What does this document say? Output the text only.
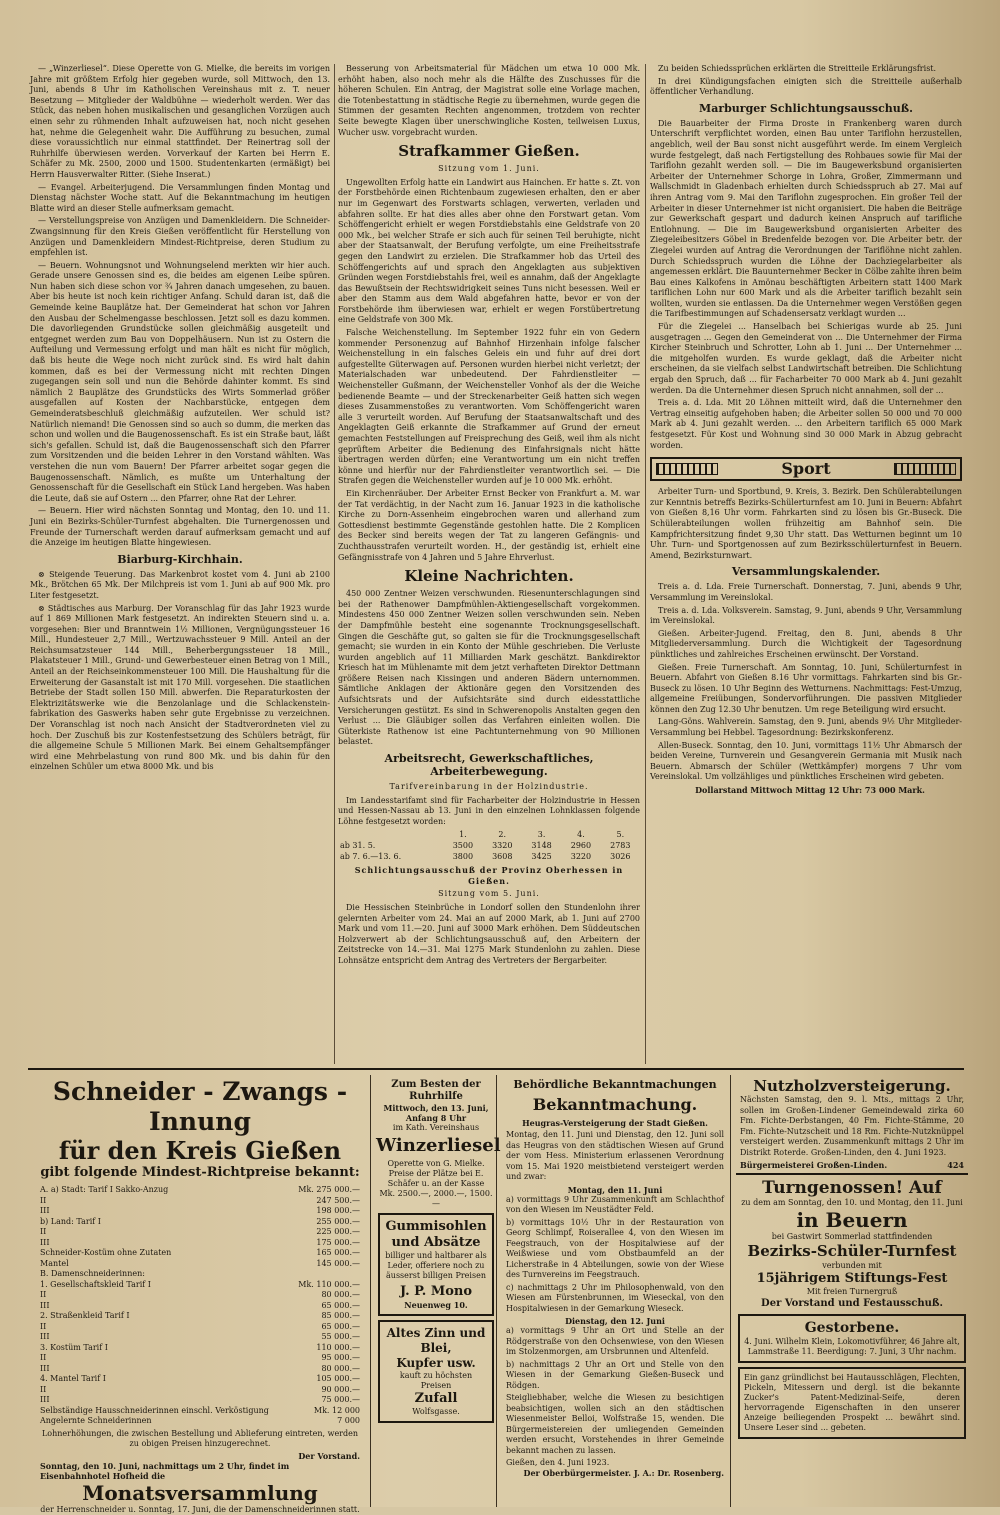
— „Winzerliesel“. Diese Operette von G. Mielke, die bereits im vorigen Jahre mit größtem Erfolg hier gegeben wurde, soll Mittwoch, den 13. Juni, abends 8 Uhr im Katholischen Vereinshaus mit z. T. neuer Besetzung — Mitglieder der Waldbühne — wiederholt werden. Wer das Stück, das neben hohen musikalischen und gesanglichen Vorzügen auch einen sehr zu rühmenden Inhalt aufzuweisen hat, noch nicht gesehen hat, nehme die Gelegenheit wahr. Die Aufführung zu besuchen, zumal diese voraussichtlich nur einmal stattfindet. Der Reinertrag soll der Ruhrhilfe überwiesen werden. Vorverkauf der Karten bei Herrn E. Schäfer zu Mk. 2500, 2000 und 1500. Studentenkarten (ermäßigt) bei Herrn Hausverwalter Ritter. (Siehe Inserat.)

— Evangel. Arbeiterjugend. Die Versammlungen finden Montag und Dienstag nächster Woche statt. Auf die Bekanntmachung im heutigen Blatte wird an dieser Stelle aufmerksam gemacht.

— Verstellungspreise von Anzügen und Damenkleidern. Die Schneider-Zwangsinnung für den Kreis Gießen veröffentlicht für Herstellung von Anzügen und Damenkleidern Mindest-Richtpreise, deren Studium zu empfehlen ist.

— Beuern. Wohnungsnot und Wohnungselend merkten wir hier auch. Gerade unsere Genossen sind es, die beides am eigenen Leibe spüren. Nun haben sich diese schon vor ¾ Jahren danach umgesehen, zu bauen. Aber bis heute ist noch kein richtiger Anfang. Schuld daran ist, daß die Gemeinde keine Bauplätze hat. Der Gemeinderat hat schon vor Jahren den Ausbau der Schelmengasse beschlossen. Jetzt soll es dazu kommen. Die davorliegenden Grundstücke sollen gleichmäßig ausgeteilt und entgegnet werden zum Bau von Doppelhäusern. Nun ist zu Ostern die Aufteilung und Vermessung erfolgt und man hält es nicht für möglich, daß bis heute die Wege noch nicht zurück sind. Es wird halt dahin kommen, daß es bei der Vermessung nicht mit rechten Dingen zugegangen sein soll und nun die Behörde dahinter kommt. Es sind nämlich 2 Bauplätze des Grundstücks des Wirts Sommerlad größer ausgefallen auf Kosten der Nachbarstücke, entgegen dem Gemeinderatsbeschluß gleichmäßig aufzuteilen. Wer schuld ist? Natürlich niemand! Die Genossen sind so auch so dumm, die merken das schon und wollen und die Baugenossenschaft. Es ist ein Straße baut, läßt sich's gefallen. Schuld ist, daß die Baugenossenschaft sich den Pfarrer zum Vorsitzenden und die beiden Lehrer in den Vorstand wählten. Was verstehen die nun vom Bauern! Der Pfarrer arbeitet sogar gegen die Baugenossenschaft. Nämlich, es mußte um Unterhaltung der Genossenschaft für die Gesellschaft ein Stück Land hergeben. Was haben die Leute, daß sie auf Ostern ... den Pfarrer, ohne Rat der Lehrer.

— Beuern. Hier wird nächsten Sonntag und Montag, den 10. und 11. Juni ein Bezirks-Schüler-Turnfest abgehalten. Die Turnergenossen und Freunde der Turnerschaft werden darauf aufmerksam gemacht und auf die Anzeige im heutigen Blatte hingewiesen.

Biarburg-Kirchhain.

⊗ Steigende Teuerung. Das Markenbrot kostet vom 4. Juni ab 2100 Mk., Brötchen 65 Mk. Der Milchpreis ist vom 1. Juni ab auf 900 Mk. pro Liter festgesetzt.

⊗ Städtisches aus Marburg. Der Voranschlag für das Jahr 1923 wurde auf 1 869 Millionen Mark festgesetzt. An indirekten Steuern sind u. a. vorgesehen: Bier und Branntwein 1½ Millionen, Vergnügungssteuer 16 Mill., Hundesteuer 2,7 Mill., Wertzuwachssteuer 9 Mill. Anteil an der Reichsumsatzsteuer 144 Mill., Beherbergungssteuer 18 Mill., Plakatsteuer 1 Mill., Grund- und Gewerbesteuer einen Betrag von 1 Mill., Anteil an der Reichseinkommensteuer 100 Mill. Die Haushaltung für die Erweiterung der Gasanstalt ist mit 170 Mill. vorgesehen. Die staatlichen Betriebe der Stadt sollen 150 Mill. abwerfen. Die Reparaturkosten der Elektrizitätswerke wie die Benzolanlage und die Schlackenstein-fabrikation des Gaswerks haben sehr gute Ergebnisse zu verzeichnen. Der Voranschlag ist noch nach Ansicht der Stadtverordneten viel zu hoch. Der Zuschuß bis zur Kostenfestsetzung des Schülers beträgt, für die allgemeine Schule 5 Millionen Mark. Bei einem Gehaltsempfänger wird eine Mehrbelastung von rund 800 Mk. und bis dahin für den einzelnen Schüler um etwa 8000 Mk. und bis

Besserung von Arbeitsmaterial für Mädchen um etwa 10 000 Mk. erhöht haben, also noch mehr als die Hälfte des Zuschusses für die höheren Schulen. Ein Antrag, der Magistrat solle eine Vorlage machen, die Totenbestattung in städtische Regie zu übernehmen, wurde gegen die Stimmen der gesamten Rechten angenommen, trotzdem von rechter Seite bewegte Klagen über unerschwingliche Kosten, teilweisen Luxus, Wucher usw. vorgebracht wurden.

Strafkammer Gießen.
Sitzung vom 1. Juni.

Ungewollten Erfolg hatte ein Landwirt aus Hainchen. Er hatte s. Zt. von der Forstbehörde einen Richtenbaum zugewiesen erhalten, den er aber nur im Gegenwart des Forstwarts schlagen, verwerten, verladen und abfahren sollte. Er hat dies alles aber ohne den Forstwart getan. Vom Schöffengericht erhielt er wegen Forstdiebstahls eine Geldstrafe von 20 000 Mk., bei welcher Strafe er sich auch für seinen Teil beruhigte, nicht aber der Staatsanwalt, der Berufung verfolgte, um eine Freiheitsstrafe gegen den Landwirt zu erzielen. Die Strafkammer hob das Urteil des Schöffengerichts auf und sprach den Angeklagten aus subjektiven Gründen wegen Forstdiebstahls frei, weil es annahm, daß der Angeklagte das Bewußtsein der Rechtswidrigkeit seines Tuns nicht besessen. Weil er aber den Stamm aus dem Wald abgefahren hatte, bevor er von der Forstbehörde ihm überwiesen war, erhielt er wegen Forstübertretung eine Geldstrafe von 300 Mk.

Falsche Weichenstellung. Im September 1922 fuhr ein von Gedern kommender Personenzug auf Bahnhof Hirzenhain infolge falscher Weichenstellung in ein falsches Geleis ein und fuhr auf drei dort aufgestellte Güterwagen auf. Personen wurden hierbei nicht verletzt; der Materialschaden war unbedeutend. Der Fahrdienstleiter — Weichensteller Gußmann, der Weichensteller Vonhof als der die Weiche bedienende Beamte — und der Streckenarbeiter Geiß hatten sich wegen dieses Zusammenstoßes zu verantworten. Vom Schöffengericht waren alle 3 verurteilt worden. Auf Berufung der Staatsanwaltschaft und des Angeklagten Geiß erkannte die Strafkammer auf Grund der erneut gemachten Feststellungen auf Freisprechung des Geiß, weil ihm als nicht geprüftem Arbeiter die Bedienung des Einfahrsignals nicht hätte übertragen werden dürfen; eine Verantwortung um ein nicht treffen könne und hierfür nur der Fahrdienstleiter verantwortlich sei. — Die Strafen gegen die Weichensteller wurden auf je 10 000 Mk. erhöht.

Ein Kirchenräuber. Der Arbeiter Ernst Becker von Frankfurt a. M. war der Tat verdächtig, in der Nacht zum 16. Januar 1923 in die katholische Kirche zu Dorn-Assenheim eingebrochen waren und allerhand zum Gottesdienst bestimmte Gegenstände gestohlen hatte. Die 2 Komplicen des Becker sind bereits wegen der Tat zu langeren Gefängnis- und Zuchthausstrafen verurteilt worden. H., der geständig ist, erhielt eine Gefängnisstrafe von 4 Jahren und 5 Jahre Ehrverlust.

Kleine Nachrichten.

450 000 Zentner Weizen verschwunden. Riesenunterschlagungen sind bei der Rathenower Dampfmühlen-Aktiengesellschaft vorgekommen. Mindestens 450 000 Zentner Weizen sollen verschwunden sein. Neben der Dampfmühle besteht eine sogenannte Trocknungsgesellschaft. Gingen die Geschäfte gut, so galten sie für die Trocknungsgesellschaft gemacht; sie wurden in ein Konto der Mühle geschrieben. Die Verluste wurden angeblich auf 11 Milliarden Mark geschätzt. Bankdirektor Kriesch hat im Mühlenamte mit dem jetzt verhafteten Direktor Dettmann größere Reisen nach Kissingen und anderen Bädern unternommen. Sämtliche Anklagen der Aktionäre gegen den Vorsitzenden des Aufsichtsrats und der Aufsichtsräte sind durch eidesstattliche Versicherungen gestützt. Es sind in Schwerenopolis Anstalten gegen den Verlust ... Die Gläubiger sollen das Verfahren einleiten wollen. Die Güterkiste Rathenow ist eine Pachtunternehmung von 90 Millionen belastet.

Arbeitsrecht, Gewerkschaftliches, Arbeiterbewegung.
Tarifvereinbarung in der Holzindustrie.

Im Landesstarifamt sind für Facharbeiter der Holzindustrie in Hessen und Hessen-Nassau ab 13. Juni in den einzelnen Lohnklassen folgende Löhne festgesetzt worden:

	1.	2.	3.	4.	5.
ab 31. 5.	3500	3320	3148	2960	2783
ab 7. 6.—13. 6.	3800	3608	3425	3220	3026
Schlichtungsausschuß der Provinz Oberhessen in Gießen.
Sitzung vom 5. Juni.

Die Hessischen Steinbrüche in Londorf sollen den Stundenlohn ihrer gelernten Arbeiter vom 24. Mai an auf 2000 Mark, ab 1. Juni auf 2700 Mark und vom 11.—20. Juni auf 3000 Mark erhöhen. Dem Süddeutschen Holzverwert ab der Schlichtungsausschuß auf, den Arbeitern der Zeitstrecke von 14.—31. Mai 1275 Mark Stundenlohn zu zahlen. Diese Lohnsätze entspricht dem Antrag des Vertreters der Bergarbeiter.

Zu beiden Schiedssprüchen erklärten die Streitteile Erklärungsfrist.

In drei Kündigungsfachen einigten sich die Streitteile außerhalb öffentlicher Verhandlung.

Marburger Schlichtungsausschuß.

Die Bauarbeiter der Firma Droste in Frankenberg waren durch Unterschrift verpflichtet worden, einen Bau unter Tariflohn herzustellen, angeblich, weil der Bau sonst nicht ausgeführt werde. Im einem Vergleich wurde festgelegt, daß nach Fertigstellung des Rohbaues sowie für Mai der Tariflohn gezahlt werden soll. — Die im Baugewerksbund organisierten Arbeiter der Unternehmer Schorge in Lohra, Großer, Zimmermann und Wallschmidt in Gladenbach erhielten durch Schiedsspruch ab 27. Mai auf ihren Antrag vom 9. Mai den Tariflohn zugesprochen. Ein großer Teil der Arbeiter in dieser Unternehmer ist nicht organisiert. Die haben die Beiträge zur Gewerkschaft gespart und dadurch keinen Anspruch auf tarifliche Entlohnung. — Die im Baugewerksbund organisierten Arbeiter des Ziegeleibesitzers Göbel in Bredenfelde bezogen vor. Die Arbeiter betr. der Ziegelei wurden auf Antrag die Verordnungen der Tariflöhne nicht zahlen. Durch Schiedsspruch wurden die Löhne der Dachziegelarbeiter als angemessen erklärt. Die Bauunternehmer Becker in Cölbe zahlte ihren beim Bau eines Kalkofens in Amönau beschäftigten Arbeitern statt 1400 Mark tariflichen Lohn nur 600 Mark und als die Arbeiter tariflich bezahlt sein wollten, wurden sie entlassen. Da die Unternehmer wegen Verstößen gegen die Tarifbestimmungen auf Schadensersatz verklagt wurden ...

Für die Ziegelei ... Hanselbach bei Schierigas wurde ab 25. Juni ausgetragen ... Gegen den Gemeinderat von ... Die Unternehmer der Firma Kircher Steinbruch und Schrotter, Lohn ab 1. Juni ... Der Unternehmer ... die mitgeholfen wurden. Es wurde geklagt, daß die Arbeiter nicht erscheinen, da sie vielfach selbst Landwirtschaft betreiben. Die Schlichtung ergab den Spruch, daß ... für Facharbeiter 70 000 Mark ab 4. Juni gezahlt werden. Da die Unternehmer diesen Spruch nicht annahmen, soll der ...

Treis a. d. Lda. Mit 20 Löhnen mitteilt wird, daß die Unternehmer den Vertrag einseitig aufgehoben haben; die Arbeiter sollen 50 000 und 70 000 Mark ab 4. Juni gezahlt werden. ... den Arbeitern tariflich 65 000 Mark festgesetzt. Für Kost und Wohnung sind 30 000 Mark in Abzug gebracht worden.

Sport

Arbeiter Turn- und Sportbund, 9. Kreis, 3. Bezirk. Den Schülerabteilungen zur Kenntnis betreffs Bezirks-Schülerturnfest am 10. Juni in Beuern: Abfahrt von Gießen 8,16 Uhr vorm. Fahrkarten sind zu lösen bis Gr.-Buseck. Die Schülerabteilungen wollen frühzeitig am Bahnhof sein. Die Kampfrichtersitzung findet 9,30 Uhr statt. Das Wetturnen beginnt um 10 Uhr. Turn- und Sportgenossen auf zum Bezirksschülerturnfest in Beuern. Amend, Bezirksturnwart.

Versammlungskalender.

Treis a. d. Lda. Freie Turnerschaft. Donnerstag, 7. Juni, abends 9 Uhr, Versammlung im Vereinslokal.

Treis a. d. Lda. Volksverein. Samstag, 9. Juni, abends 9 Uhr, Versammlung im Vereinslokal.

Gießen. Arbeiter-Jugend. Freitag, den 8. Juni, abends 8 Uhr Mitgliederversammlung. Durch die Wichtigkeit der Tagesordnung pünktliches und zahlreiches Erscheinen erwünscht. Der Vorstand.

Gießen. Freie Turnerschaft. Am Sonntag, 10. Juni, Schülerturnfest in Beuern. Abfahrt von Gießen 8.16 Uhr vormittags. Fahrkarten sind bis Gr.-Buseck zu lösen. 10 Uhr Beginn des Wetturnens. Nachmittags: Fest-Umzug, allgemeine Freiübungen, Sondervorführungen. Die passiven Mitglieder können den Zug 12.30 Uhr benutzen. Um rege Beteiligung wird ersucht.

Lang-Göns. Wahlverein. Samstag, den 9. Juni, abends 9½ Uhr Mitglieder-Versammlung bei Hebbel. Tagesordnung: Bezirkskonferenz.

Allen-Buseck. Sonntag, den 10. Juni, vormittags 11½ Uhr Abmarsch der beiden Vereine, Turnverein und Gesangverein Germania mit Musik nach Beuern. Abmarsch der Schüler (Wettkämpfer) morgens 7 Uhr vom Vereinslokal. Um vollzähliges und pünktliches Erscheinen wird gebeten.

Dollarstand Mittwoch Mittag 12 Uhr: 73 000 Mark.

Schneider - Zwangs - Innung
für den Kreis Gießen
gibt folgende Mindest-Richtpreise bekannt:
A. a) Stadt: Tarif I Sakko-Anzug	Mk. 275 000.—
II	247 500.—
III	198 000.—
b) Land: Tarif I	255 000.—
II	225 000.—
III	175 000.—
Schneider-Kostüm ohne Zutaten	165 000.—
Mantel	145 000.—
B. Damenschneiderinnen:
1. Gesellschaftskleid Tarif I	Mk. 110 000.—
II	80 000.—
III	65 000.—
2. Straßenkleid Tarif I	85 000.—
II	65 000.—
III	55 000.—
3. Kostüm Tarif I	110 000.—
II	95 000.—
III	80 000.—
4. Mantel Tarif I	105 000.—
II	90 000.—
III	75 000.—
Selbständige Hausschneiderinnen einschl. Verköstigung	Mk. 12 000
Angelernte Schneiderinnen	7 000
Lohnerhöhungen, die zwischen Bestellung und Ablieferung eintreten, werden zu obigen Preisen hinzugerechnet.
Der Vorstand.
Sonntag, den 10. Juni, nachmittags um 2 Uhr, findet im Eisenbahnhotel Hofheid die
Monatsversammlung
der Herrenschneider u. Sonntag, 17. Juni, die der Damenschneiderinnen statt.
Zum Besten der Ruhrhilfe
Mittwoch, den 13. Juni, Anfang 8 Uhr
im Kath. Vereinshaus
Winzerliesel
Operette von G. Mielke. Preise der Plätze bei E. Schäfer u. an der Kasse Mk. 2500.—, 2000.—, 1500.—
Gummisohlen
und Absätze
billiger und haltbarer als Leder, offeriere noch zu äusserst billigen Preisen
J. P. Mono
Neuenweg 10.
Altes Zinn und Blei,
Kupfer usw.
kauft zu höchsten Preisen
Zufall
Wolfsgasse.
Behördliche Bekanntmachungen
Bekanntmachung.
Heugras-Versteigerung der Stadt Gießen.
Montag, den 11. Juni und Dienstag, den 12. Juni soll das Heugras von den städtischen Wiesen auf Grund der vom Hess. Ministerium erlassenen Verordnung vom 15. Mai 1920 meistbietend versteigert werden und zwar:
Montag, den 11. Juni
a) vormittags 9 Uhr Zusammenkunft am Schlachthof von den Wiesen im Neustädter Feld.
b) vormittags 10½ Uhr in der Restauration von Georg Schlimpf, Roiserallee 4, von den Wiesen im Feegstrauch, von der Hospitalwiese auf der Weißwiese und vom Obstbaumfeld an der Licherstraße in 4 Abteilungen, sowie von der Wiese des Turnvereins im Feegstrauch.
c) nachmittags 2 Uhr im Philosophenwald, von den Wiesen am Fürstenbrunnen, im Wieseckal, von den Hospitalwiesen in der Gemarkung Wieseck.
Dienstag, den 12. Juni
a) vormittags 9 Uhr an Ort und Stelle an der Rödgerstraße von den Ochsenwiese, von den Wiesen im Stolzenmorgen, am Ursbrunnen und Altenfeld.
b) nachmittags 2 Uhr an Ort und Stelle von den Wiesen in der Gemarkung Gießen-Buseck und Rödgen.
Steigliebhaber, welche die Wiesen zu besichtigen beabsichtigen, wollen sich an den städtischen Wiesenmeister Belloi, Wolfstraße 15, wenden. Die Bürgermeistereien der umliegenden Gemeinden werden ersucht, Vorstehendes in ihrer Gemeinde bekannt machen zu lassen.
Gießen, den 4. Juni 1923.
Der Oberbürgermeister. J. A.: Dr. Rosenberg.
Nutzholzversteigerung.
Nächsten Samstag, den 9. l. Mts., mittags 2 Uhr, sollen im Großen-Lindener Gemeindewald zirka 60 Fm. Fichte-Derbstangen, 40 Fm. Fichte-Stämme, 20 Fm. Fichte-Nutzscheit und 18 Rm. Fichte-Nutzknüppel versteigert werden. Zusammenkunft mittags 2 Uhr im Distrikt Roterde. Großen-Linden, den 4. Juni 1923.
Bürgermeisterei Großen-Linden.	424
Turngenossen! Auf
zu dem am Sonntag, den 10. und Montag, den 11. Juni
in Beuern
bei Gastwirt Sommerlad stattfindenden
Bezirks-Schüler-Turnfest
verbunden mit
15jährigem Stiftungs-Fest
Mit freien Turnergruß
Der Vorstand und Festausschuß.
Gestorbene.
4. Juni. Wilhelm Klein, Lokomotivführer, 46 Jahre alt, Lammstraße 11. Beerdigung: 7. Juni, 3 Uhr nachm.
Ein ganz gründlichst bei Hautausschlägen, Flechten, Pickeln, Mitessern und dergl. ist die bekannte Zucker's Patent-Medizinal-Seife, deren hervorragende Eigenschaften in den unserer Anzeige beiliegenden Prospekt ... bewährt sind. Unsere Leser sind ... gebeten.
